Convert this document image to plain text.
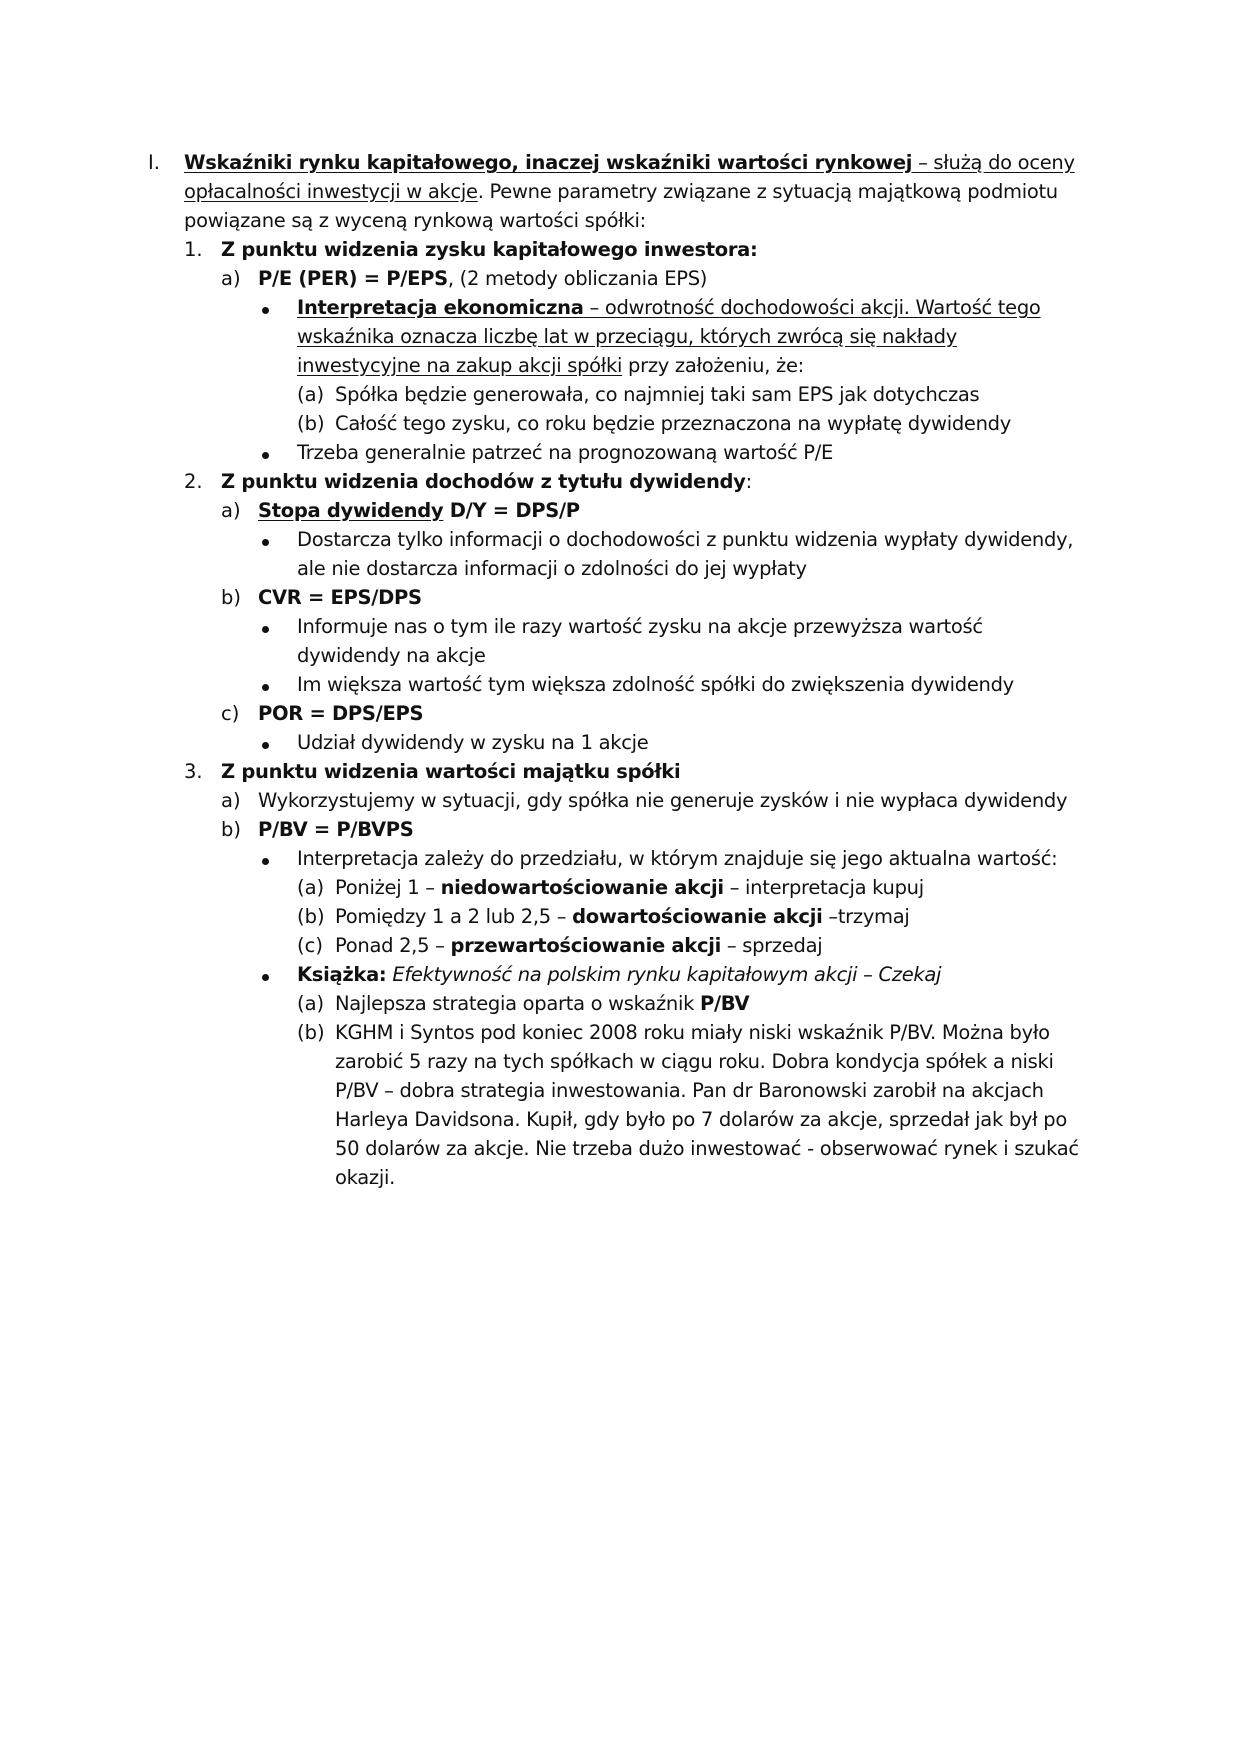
I. Wskaźniki rynku kapitałowego, inaczej wskaźniki wartości rynkowej – służą do oceny
opłacalności inwestycji w akcje. Pewne parametry związane z sytuacją majątkową podmiotu
powiązane są z wyceną rynkową wartości spółki:
1. Z punktu widzenia zysku kapitałowego inwestora:
a) P/E (PER) = P/EPS, (2 metody obliczania EPS)
Interpretacja ekonomiczna – odwrotność dochodowości akcji. Wartość tego
wskaźnika oznacza liczbę lat w przeciągu, których zwrócą się nakłady
inwestycyjne na zakup akcji spółki przy założeniu, że:
(a) Spółka będzie generowała, co najmniej taki sam EPS jak dotychczas
(b) Całość tego zysku, co roku będzie przeznaczona na wypłatę dywidendy
Trzeba generalnie patrzeć na prognozowaną wartość P/E
2. Z punktu widzenia dochodów z tytułu dywidendy:
a) Stopa dywidendy D/Y = DPS/P
Dostarcza tylko informacji o dochodowości z punktu widzenia wypłaty dywidendy,
ale nie dostarcza informacji o zdolności do jej wypłaty
b) CVR = EPS/DPS
Informuje nas o tym ile razy wartość zysku na akcje przewyższa wartość
dywidendy na akcje
Im większa wartość tym większa zdolność spółki do zwiększenia dywidendy
c) POR = DPS/EPS
Udział dywidendy w zysku na 1 akcje
3. Z punktu widzenia wartości majątku spółki
a) Wykorzystujemy w sytuacji, gdy spółka nie generuje zysków i nie wypłaca dywidendy
b) P/BV = P/BVPS
Interpretacja zależy do przedziału, w którym znajduje się jego aktualna wartość:
(a) Poniżej 1 – niedowartościowanie akcji – interpretacja kupuj
(b) Pomiędzy 1 a 2 lub 2,5 – dowartościowanie akcji –trzymaj
(c) Ponad 2,5 – przewartościowanie akcji – sprzedaj
Książka: Efektywność na polskim rynku kapitałowym akcji – Czekaj
(a) Najlepsza strategia oparta o wskaźnik P/BV
(b) KGHM i Syntos pod koniec 2008 roku miały niski wskaźnik P/BV. Można było
zarobić 5 razy na tych spółkach w ciągu roku. Dobra kondycja spółek a niski
P/BV – dobra strategia inwestowania. Pan dr Baronowski zarobił na akcjach
Harleya Davidsona. Kupił, gdy było po 7 dolarów za akcje, sprzedał jak był po
50 dolarów za akcje. Nie trzeba dużo inwestować - obserwować rynek i szukać
okazji.
